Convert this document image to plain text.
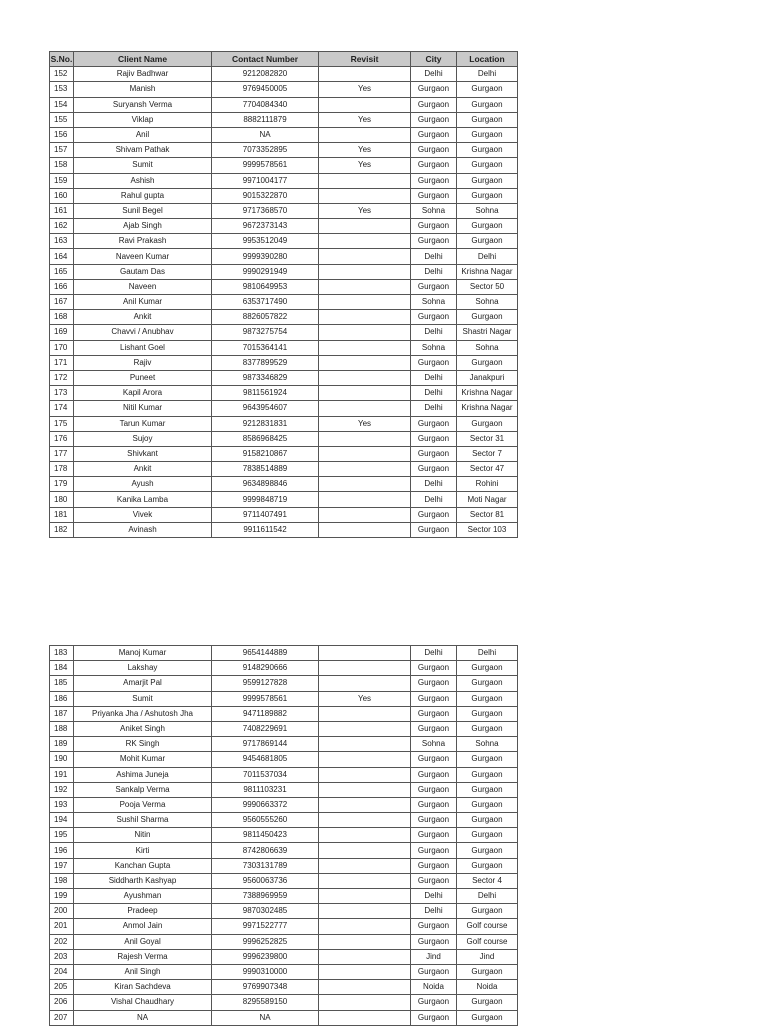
S.No.	Client Name	Contact Number	Revisit	City	Location
152	Rajiv Badhwar	9212082820		Delhi	Delhi
153	Manish	9769450005	Yes	Gurgaon	Gurgaon
154	Suryansh Verma	7704084340		Gurgaon	Gurgaon
155	Viklap	8882111879	Yes	Gurgaon	Gurgaon
156	Anil	NA		Gurgaon	Gurgaon
157	Shivam Pathak	7073352895	Yes	Gurgaon	Gurgaon
158	Sumit	9999578561	Yes	Gurgaon	Gurgaon
159	Ashish	9971004177		Gurgaon	Gurgaon
160	Rahul gupta	9015322870		Gurgaon	Gurgaon
161	Sunil Begel	9717368570	Yes	Sohna	Sohna
162	Ajab Singh	9672373143		Gurgaon	Gurgaon
163	Ravi Prakash	9953512049		Gurgaon	Gurgaon
164	Naveen Kumar	9999390280		Delhi	Delhi
165	Gautam Das	9990291949		Delhi	Krishna Nagar
166	Naveen	9810649953		Gurgaon	Sector 50
167	Anil Kumar	6353717490		Sohna	Sohna
168	Ankit	8826057822		Gurgaon	Gurgaon
169	Chavvi / Anubhav	9873275754		Delhi	Shastri Nagar
170	Lishant Goel	7015364141		Sohna	Sohna
171	Rajiv	8377899529		Gurgaon	Gurgaon
172	Puneet	9873346829		Delhi	Janakpuri
173	Kapil Arora	9811561924		Delhi	Krishna Nagar
174	Nitil Kumar	9643954607		Delhi	Krishna Nagar
175	Tarun Kumar	9212831831	Yes	Gurgaon	Gurgaon
176	Sujoy	8586968425		Gurgaon	Sector 31
177	Shivkant	9158210867		Gurgaon	Sector 7
178	Ankit	7838514889		Gurgaon	Sector 47
179	Ayush	9634898846		Delhi	Rohini
180	Kanika Lamba	9999848719		Delhi	Moti Nagar
181	Vivek	9711407491		Gurgaon	Sector 81
182	Avinash	9911611542		Gurgaon	Sector 103
183	Manoj Kumar	9654144889		Delhi	Delhi
184	Lakshay	9148290666		Gurgaon	Gurgaon
185	Amarjit Pal	9599127828		Gurgaon	Gurgaon
186	Sumit	9999578561	Yes	Gurgaon	Gurgaon
187	Priyanka Jha / Ashutosh Jha	9471189882		Gurgaon	Gurgaon
188	Aniket Singh	7408229691		Gurgaon	Gurgaon
189	RK Singh	9717869144		Sohna	Sohna
190	Mohit Kumar	9454681805		Gurgaon	Gurgaon
191	Ashima Juneja	7011537034		Gurgaon	Gurgaon
192	Sankalp Verma	9811103231		Gurgaon	Gurgaon
193	Pooja Verma	9990663372		Gurgaon	Gurgaon
194	Sushil Sharma	9560555260		Gurgaon	Gurgaon
195	Nitin	9811450423		Gurgaon	Gurgaon
196	Kirti	8742806639		Gurgaon	Gurgaon
197	Kanchan Gupta	7303131789		Gurgaon	Gurgaon
198	Siddharth Kashyap	9560063736		Gurgaon	Sector 4
199	Ayushman	7388969959		Delhi	Delhi
200	Pradeep	9870302485		Delhi	Gurgaon
201	Anmol Jain	9971522777		Gurgaon	Golf course
202	Anil Goyal	9996252825		Gurgaon	Golf course
203	Rajesh Verma	9996239800		Jind	Jind
204	Anil Singh	9990310000		Gurgaon	Gurgaon
205	Kiran Sachdeva	9769907348		Noida	Noida
206	Vishal Chaudhary	8295589150		Gurgaon	Gurgaon
207	NA	NA		Gurgaon	Gurgaon
